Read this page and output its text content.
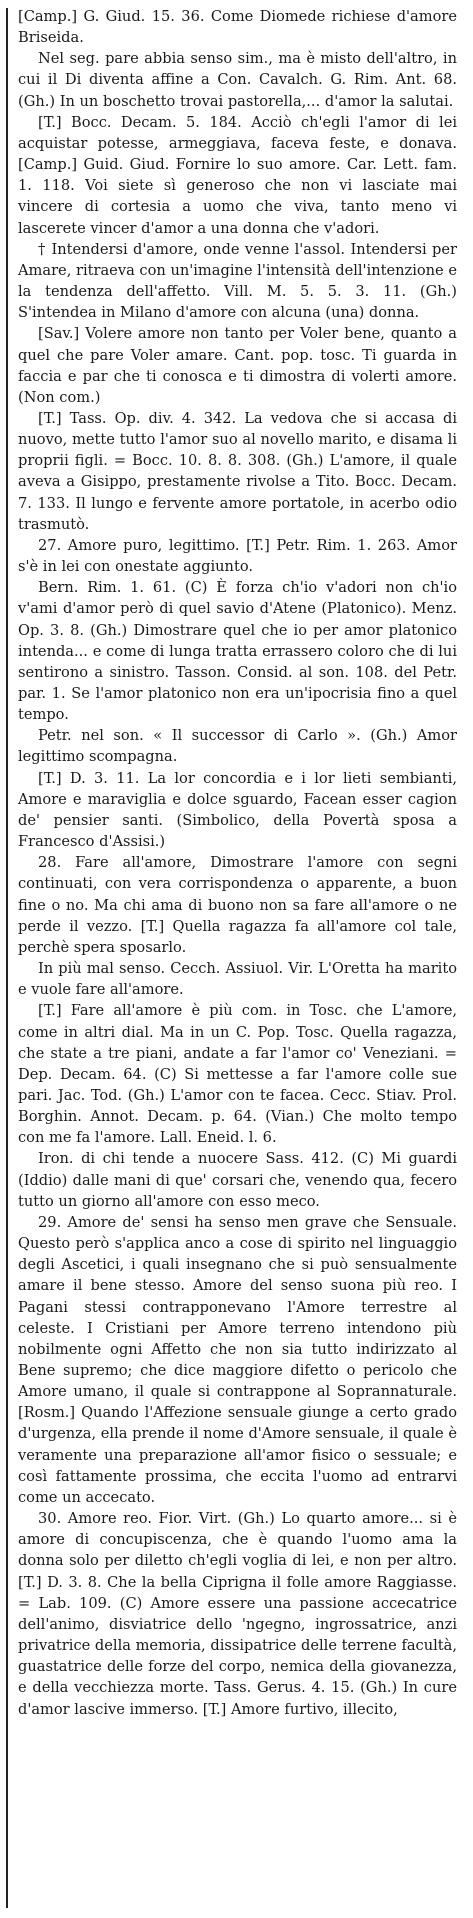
[Camp.] G. Giud. 15. 36. Come Diomede richiese d'amore Briseida.

Nel seg. pare abbia senso sim., ma è misto dell'altro, in cui il Di diventa affine a Con. Cavalch. G. Rim. Ant. 68. (Gh.) In un boschetto trovai pastorella,... d'amor la salutai.

[T.] Bocc. Decam. 5. 184. Acciò ch'egli l'amor di lei acquistar potesse, armeggiava, faceva feste, e donava. [Camp.] Guid. Giud. Fornire lo suo amore. Car. Lett. fam. 1. 118. Voi siete sì generoso che non vi lasciate mai vincere di cortesia a uomo che viva, tanto meno vi lascerete vincer d'amor a una donna che v'adori.

† Intendersi d'amore, onde venne l'assol. Intendersi per Amare, ritraeva con un'imagine l'intensità dell'intenzione e la tendenza dell'affetto. Vill. M. 5. 5. 3. 11. (Gh.) S'intendea in Milano d'amore con alcuna (una) donna.

[Sav.] Volere amore non tanto per Voler bene, quanto a quel che pare Voler amare. Cant. pop. tosc. Ti guarda in faccia e par che ti conosca e ti dimostra di volerti amore. (Non com.)

[T.] Tass. Op. div. 4. 342. La vedova che si accasa di nuovo, mette tutto l'amor suo al novello marito, e disama li proprii figli. = Bocc. 10. 8. 8. 308. (Gh.) L'amore, il quale aveva a Gisippo, prestamente rivolse a Tito. Bocc. Decam. 7. 133. Il lungo e fervente amore portatole, in acerbo odio trasmutò.

27. Amore puro, legittimo. [T.] Petr. Rim. 1. 263. Amor s'è in lei con onestate aggiunto.

Bern. Rim. 1. 61. (C) È forza ch'io v'adori non ch'io v'ami d'amor però di quel savio d'Atene (Platonico). Menz. Op. 3. 8. (Gh.) Dimostrare quel che io per amor platonico intenda... e come di lunga tratta errassero coloro che di lui sentirono a sinistro. Tasson. Consid. al son. 108. del Petr. par. 1. Se l'amor platonico non era un'ipocrisia fino a quel tempo.

Petr. nel son. « Il successor di Carlo ». (Gh.) Amor legittimo scompagna.

[T.] D. 3. 11. La lor concordia e i lor lieti sembianti, Amore e maraviglia e dolce sguardo, Facean esser cagion de' pensier santi. (Simbolico, della Povertà sposa a Francesco d'Assisi.)

28. Fare all'amore, Dimostrare l'amore con segni continuati, con vera corrispondenza o apparente, a buon fine o no. Ma chi ama di buono non sa fare all'amore o ne perde il vezzo. [T.] Quella ragazza fa all'amore col tale, perchè spera sposarlo.

In più mal senso. Cecch. Assiuol. Vir. L'Oretta ha marito e vuole fare all'amore.

[T.] Fare all'amore è più com. in Tosc. che L'amore, come in altri dial. Ma in un C. Pop. Tosc. Quella ragazza, che state a tre piani, andate a far l'amor co' Veneziani. = Dep. Decam. 64. (C) Si mettesse a far l'amore colle sue pari. Jac. Tod. (Gh.) L'amor con te facea. Cecc. Stiav. Prol. Borghin. Annot. Decam. p. 64. (Vian.) Che molto tempo con me fa l'amore. Lall. Eneid. l. 6.

Iron. di chi tende a nuocere Sass. 412. (C) Mi guardi (Iddio) dalle mani di que' corsari che, venendo qua, fecero tutto un giorno all'amore con esso meco.

29. Amore de' sensi ha senso men grave che Sensuale. Questo però s'applica anco a cose di spirito nel linguaggio degli Ascetici, i quali insegnano che si può sensualmente amare il bene stesso. Amore del senso suona più reo. I Pagani stessi contrapponevano l'Amore terrestre al celeste. I Cristiani per Amore terreno intendono più nobilmente ogni Affetto che non sia tutto indirizzato al Bene supremo; che dice maggiore difetto o pericolo che Amore umano, il quale si contrappone al Soprannaturale. [Rosm.] Quando l'Affezione sensuale giunge a certo grado d'urgenza, ella prende il nome d'Amore sensuale, il quale è veramente una preparazione all'amor fisico o sessuale; e così fattamente prossima, che eccita l'uomo ad entrarvi come un accecato.

30. Amore reo. Fior. Virt. (Gh.) Lo quarto amore... si è amore di concupiscenza, che è quando l'uomo ama la donna solo per diletto ch'egli voglia di lei, e non per altro. [T.] D. 3. 8. Che la bella Ciprigna il folle amore Raggiasse. = Lab. 109. (C) Amore essere una passione accecatrice dell'animo, disviatrice dello 'ngegno, ingrossatrice, anzi privatrice della memoria, dissipatrice delle terrene facultà, guastatrice delle forze del corpo, nemica della giovanezza, e della vecchiezza morte. Tass. Gerus. 4. 15. (Gh.) In cure d'amor lascive immerso. [T.] Amore furtivo, illecito,
